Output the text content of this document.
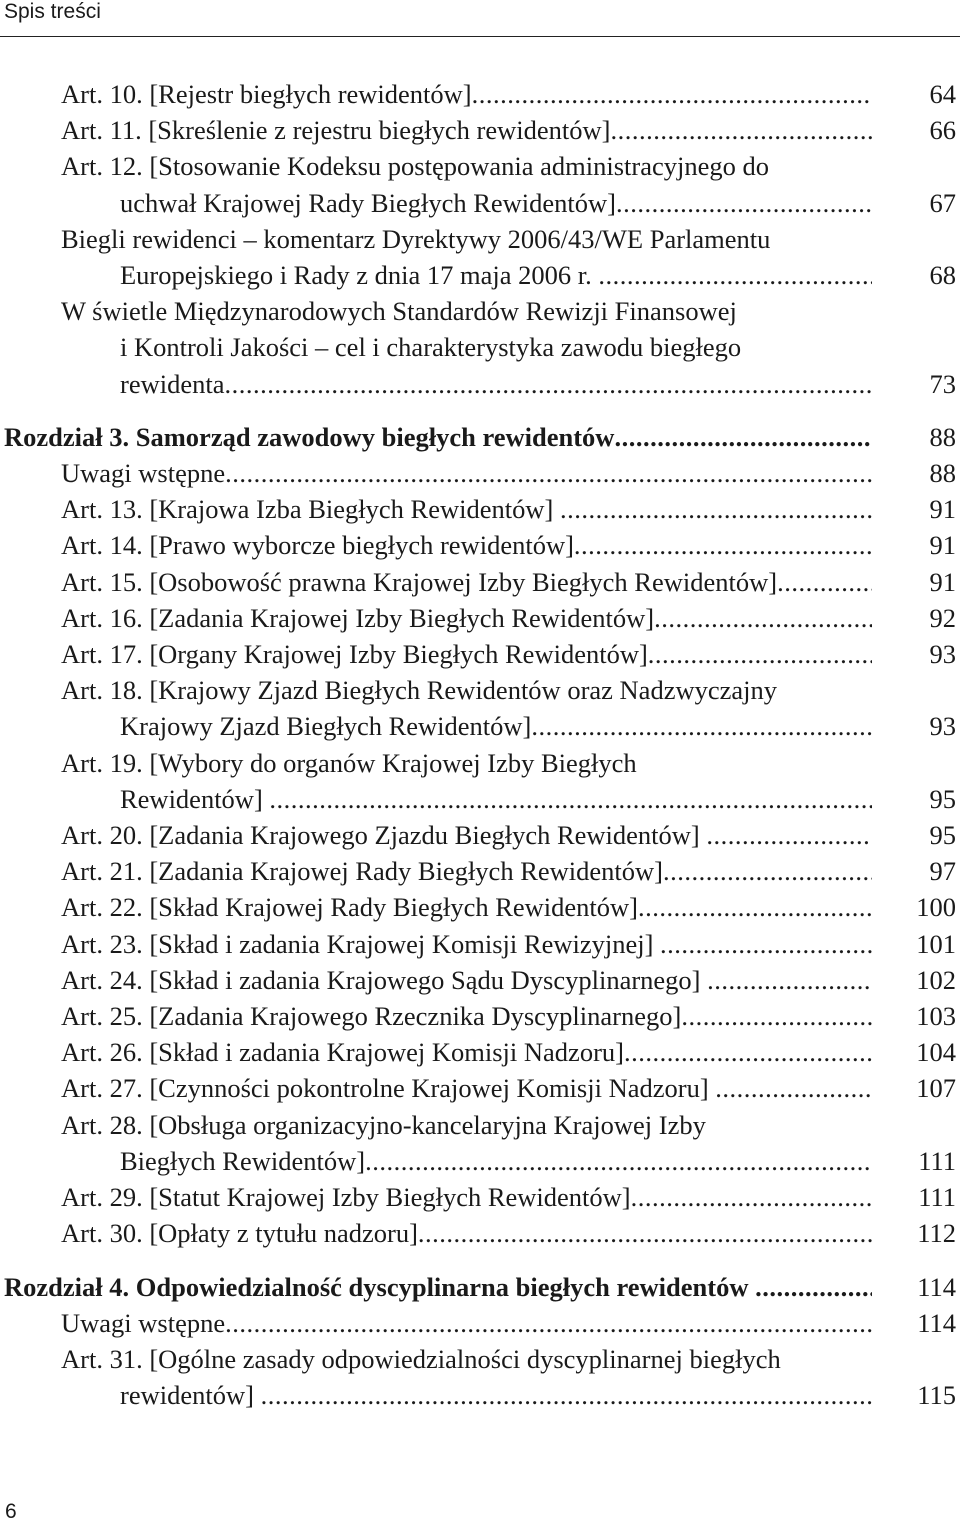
Spis treści
Art. 10. [Rejestr biegłych rewidentów] .....	64
Art. 11. [Skreślenie z rejestru biegłych rewidentów] .....	66
Art. 12. [Stosowanie Kodeksu postępowania administracyjnego do
uchwał Krajowej Rady Biegłych Rewidentów] .....	67
Biegli rewidenci – komentarz Dyrektywy 2006/43/WE Parlamentu
Europejskiego i Rady z dnia 17 maja 2006 r. .....	68
W świetle Międzynarodowych Standardów Rewizji Finansowej
i Kontroli Jakości – cel i charakterystyka zawodu biegłego
rewidenta .....	73
Rozdział 3. Samorząd zawodowy biegłych rewidentów .....	88
Uwagi wstępne .....	88
Art. 13. [Krajowa Izba Biegłych Rewidentów] .....	91
Art. 14. [Prawo wyborcze biegłych rewidentów] .....	91
Art. 15. [Osobowość prawna Krajowej Izby Biegłych Rewidentów] .....	91
Art. 16. [Zadania Krajowej Izby Biegłych Rewidentów] .....	92
Art. 17. [Organy Krajowej Izby Biegłych Rewidentów] .....	93
Art. 18. [Krajowy Zjazd Biegłych Rewidentów oraz Nadzwyczajny
Krajowy Zjazd Biegłych Rewidentów] .....	93
Art. 19. [Wybory do organów Krajowej Izby Biegłych
Rewidentów] .....	95
Art. 20. [Zadania Krajowego Zjazdu Biegłych Rewidentów] .....	95
Art. 21. [Zadania Krajowej Rady Biegłych Rewidentów] .....	97
Art. 22. [Skład Krajowej Rady Biegłych Rewidentów] .....	100
Art. 23. [Skład i zadania Krajowej Komisji Rewizyjnej] .....	101
Art. 24. [Skład i zadania Krajowego Sądu Dyscyplinarnego] .....	102
Art. 25. [Zadania Krajowego Rzecznika Dyscyplinarnego] .....	103
Art. 26. [Skład i zadania Krajowej Komisji Nadzoru] .....	104
Art. 27. [Czynności pokontrolne Krajowej Komisji Nadzoru] .....	107
Art. 28. [Obsługa organizacyjno-kancelaryjna Krajowej Izby
Biegłych Rewidentów] .....	111
Art. 29. [Statut Krajowej Izby Biegłych Rewidentów] .....	111
Art. 30. [Opłaty z tytułu nadzoru] .....	112
Rozdział 4. Odpowiedzialność dyscyplinarna biegłych rewidentów .....	114
Uwagi wstępne .....	114
Art. 31. [Ogólne zasady odpowiedzialności dyscyplinarnej biegłych
rewidentów] .....	115
6
